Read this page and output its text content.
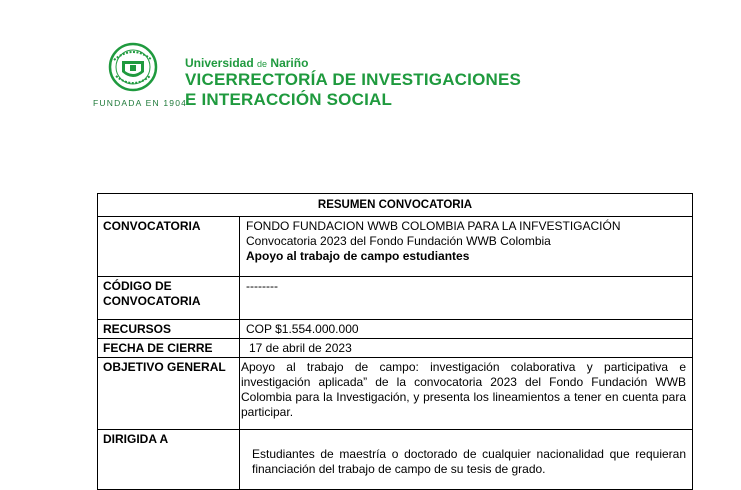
FUNDADA EN 1904
Universidad de Nariño
VICERRECTORÍA DE INVESTIGACIONES
E INTERACCIÓN SOCIAL
RESUMEN CONVOCATORIA	
CONVOCATORIA	FONDO FUNDACION WWB COLOMBIA PARA LA INFVESTIGACIÓN
Convocatoria 2023 del Fondo Fundación WWB Colombia
Apoyo al trabajo de campo estudiantes

CÓDIGO DE CONVOCATORIA	--------
RECURSOS	COP $1.554.000.000
FECHA DE CIERRE	17 de abril de 2023
OBJETIVO GENERAL	Apoyo al trabajo de campo: investigación colaborativa y participativa e investigación aplicada” de la convocatoria 2023 del Fondo Fundación WWB Colombia para la Investigación, y presenta los lineamientos a tener en cuenta para participar.
DIRIGIDA A	Estudiantes de maestría o doctorado de cualquier nacionalidad que requieran financiación del trabajo de campo de su tesis de grado.
